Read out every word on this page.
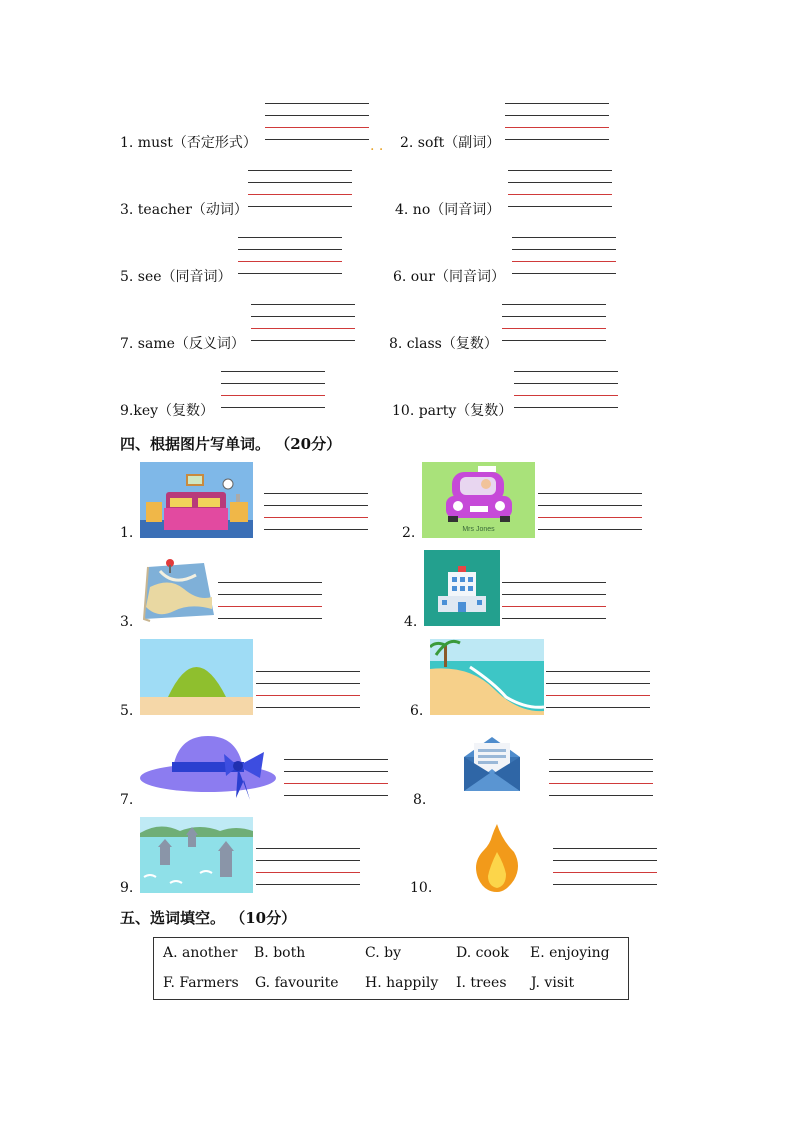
1. must（否定形式）	. . 2. soft（副词）
3. teacher（动词）	4. no（同音词）
5. see（同音词）	6. our（同音词）
7. same（反义词）	8. class（复数）
9.key（复数）	10. party（复数）
四、根据图片写单词。 （20分）
1.	2.	Mrs Jones
3.	4.
5.	6.
7.	8.
9.	10.
五、选词填空。 （10分）
A. another B. both	C. by	D. cook E. enjoying
F. Farmers G. favourite H. happily I. trees J. visit
